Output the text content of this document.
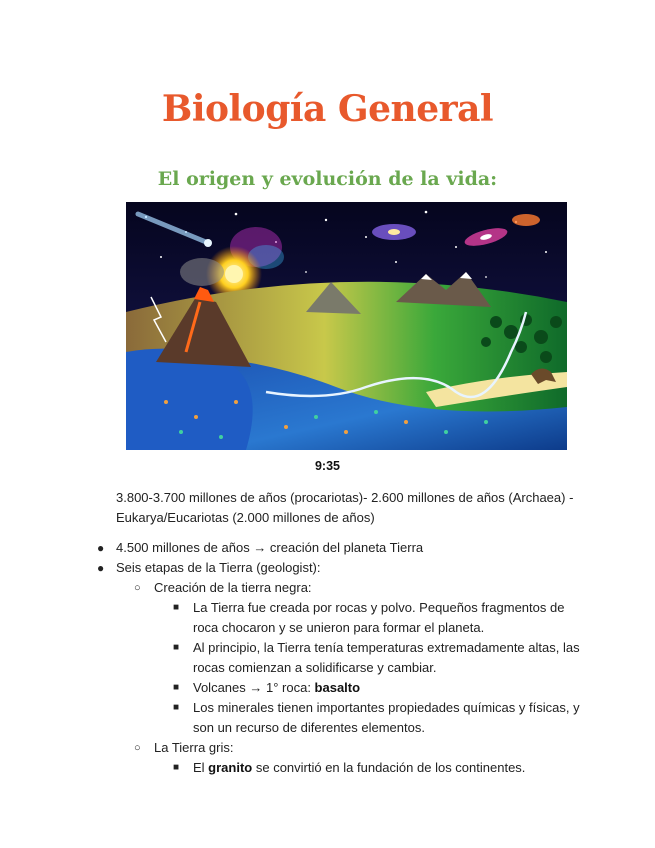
Biología General
El origen y evolución de la vida:
9:35
3.800-3.700 millones de años (procariotas)- 2.600 millones de años (Archaea) - Eukarya/Eucariotas (2.000 millones de años)
● 4.500 millones de años → creación del planeta Tierra
● Seis etapas de la Tierra (geologist):
○ Creación de la tierra negra:
■ La Tierra fue creada por rocas y polvo. Pequeños fragmentos de roca chocaron y se unieron para formar el planeta.
■ Al principio, la Tierra tenía temperaturas extremadamente altas, las rocas comienzan a solidificarse y cambiar.
■ Volcanes → 1° roca: basalto
■ Los minerales tienen importantes propiedades químicas y físicas, y son un recurso de diferentes elementos.
○ La Tierra gris:
■ El granito se convirtió en la fundación de los continentes.
